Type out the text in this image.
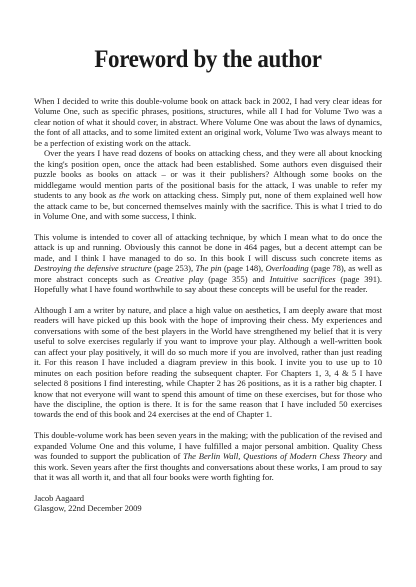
Foreword by the author

When I decided to write this double-volume book on attack back in 2002, I had very clear ideas for Volume One, such as specific phrases, positions, structures, while all I had for Volume Two was a clear notion of what it should cover, in abstract. Where Volume One was about the laws of dynamics, the font of all attacks, and to some limited extent an original work, Volume Two was always meant to be a perfection of existing work on the attack.

Over the years I have read dozens of books on attacking chess, and they were all about knocking the king's position open, once the attack had been established. Some authors even disguised their puzzle books as books on attack – or was it their publishers? Although some books on the middlegame would mention parts of the positional basis for the attack, I was unable to refer my students to any book as the work on attacking chess. Simply put, none of them explained well how the attack came to be, but concerned themselves mainly with the sacrifice. This is what I tried to do in Volume One, and with some success, I think.

This volume is intended to cover all of attacking technique, by which I mean what to do once the attack is up and running. Obviously this cannot be done in 464 pages, but a decent attempt can be made, and I think I have managed to do so. In this book I will discuss such concrete items as Destroying the defensive structure (page 253), The pin (page 148), Overloading (page 78), as well as more abstract concepts such as Creative play (page 355) and Intuitive sacrifices (page 391). Hopefully what I have found worthwhile to say about these concepts will be useful for the reader.

Although I am a writer by nature, and place a high value on aesthetics, I am deeply aware that most readers will have picked up this book with the hope of improving their chess. My experiences and conversations with some of the best players in the World have strengthened my belief that it is very useful to solve exercises regularly if you want to improve your play. Although a well-written book can affect your play positively, it will do so much more if you are involved, rather than just reading it. For this reason I have included a diagram preview in this book. I invite you to use up to 10 minutes on each position before reading the subsequent chapter. For Chapters 1, 3, 4 & 5 I have selected 8 positions I find interesting, while Chapter 2 has 26 positions, as it is a rather big chapter. I know that not everyone will want to spend this amount of time on these exercises, but for those who have the discipline, the option is there. It is for the same reason that I have included 50 exercises towards the end of this book and 24 exercises at the end of Chapter 1.

This double-volume work has been seven years in the making; with the publication of the revised and expanded Volume One and this volume, I have fulfilled a major personal ambition. Quality Chess was founded to support the publication of The Berlin Wall, Questions of Modern Chess Theory and this work. Seven years after the first thoughts and conversations about these works, I am proud to say that it was all worth it, and that all four books were worth fighting for.

Jacob Aagaard
Glasgow, 22nd December 2009
